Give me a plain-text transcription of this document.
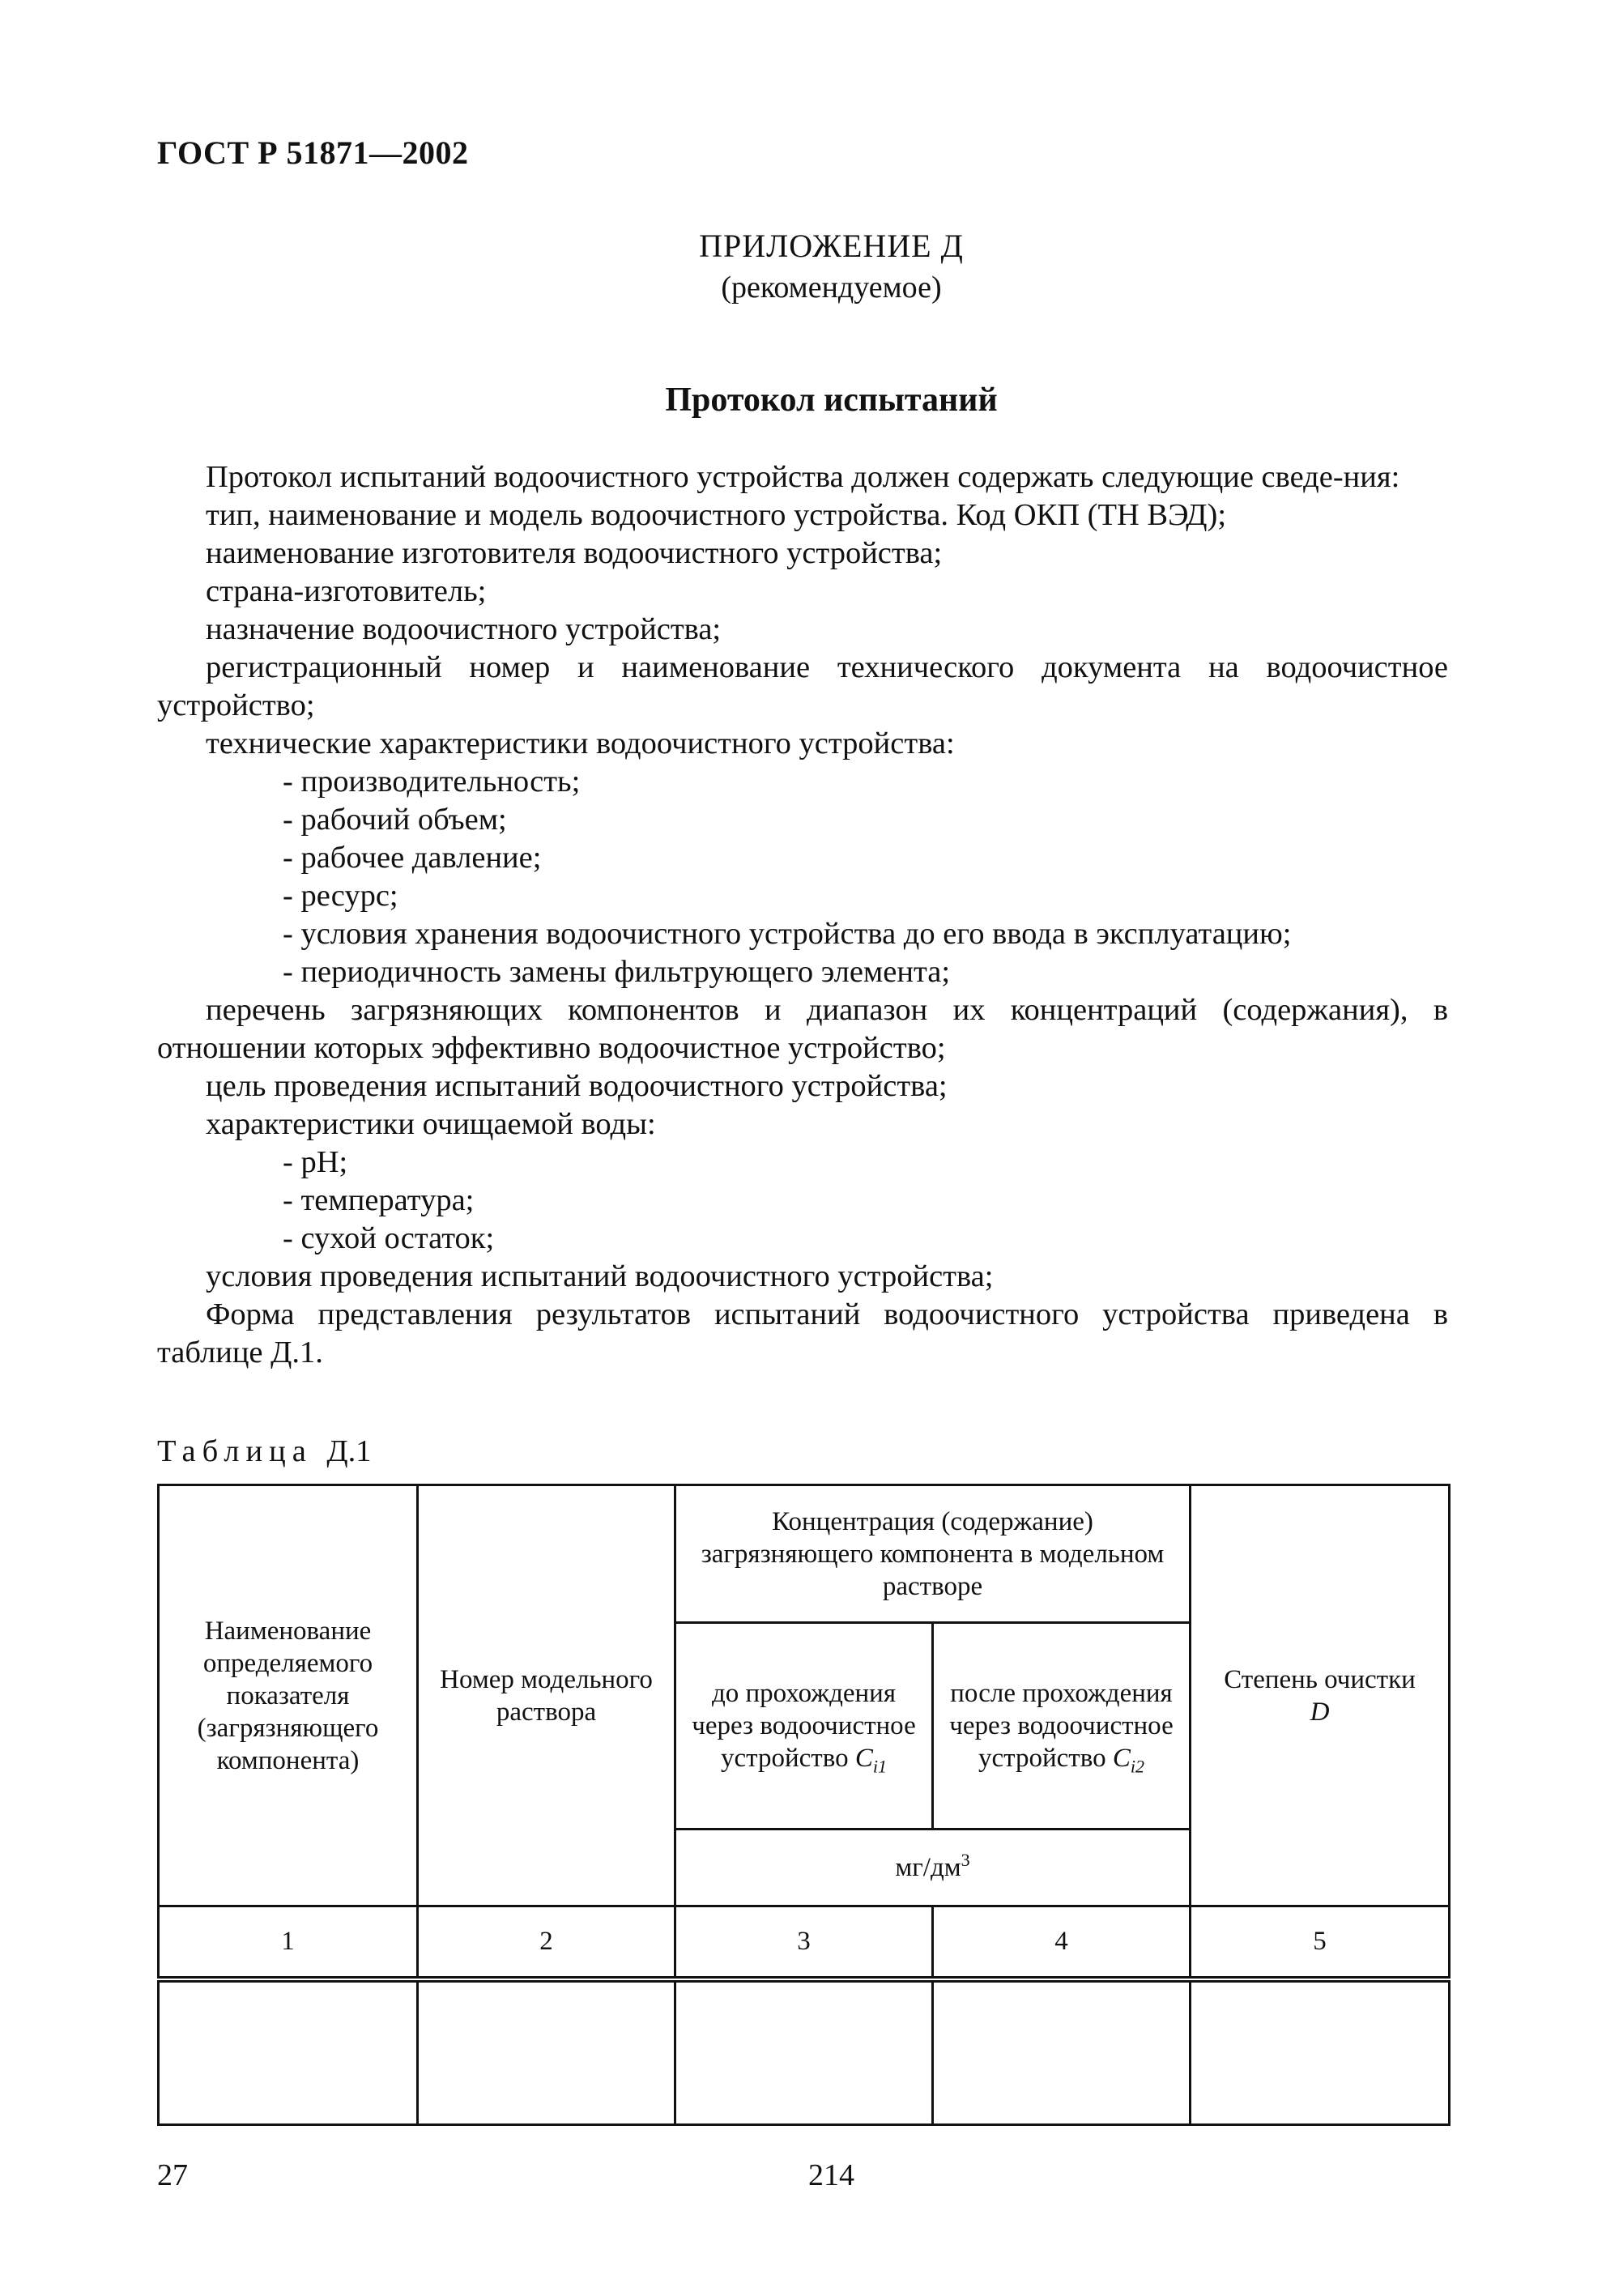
ГОСТ Р 51871—2002
ПРИЛОЖЕНИЕ Д
(рекомендуемое)
Протокол испытаний

Протокол испытаний водоочистного устройства должен содержать следующие сведе-ния:

тип, наименование и модель водоочистного устройства. Код ОКП (ТН ВЭД);

наименование изготовителя водоочистного устройства;

страна-изготовитель;

назначение водоочистного устройства;

регистрационный номер и наименование технического документа на водоочистное устройство;

технические характеристики водоочистного устройства:

- производительность;

- рабочий объем;

- рабочее давление;

- ресурс;

- условия хранения водоочистного устройства до его ввода в эксплуатацию;

- периодичность замены фильтрующего элемента;

перечень загрязняющих компонентов и диапазон их концентраций (содержания), в отношении которых эффективно водоочистное устройство;

цель проведения испытаний водоочистного устройства;

характеристики очищаемой воды:

- pH;

- температура;

- сухой остаток;

условия проведения испытаний водоочистного устройства;

Форма представления результатов испытаний водоочистного устройства приведена в таблице Д.1.

Таблица Д.1
Наименование определяемого показателя (загрязняющего компонента)	Номер модельного раствора	Концентрация (содержание) загрязняющего компонента в модельном растворе		Степень очистки
D
		до прохождения через водоочистное устройство $C_{i1}$	после прохождения через водоочистное устройство $C_{i2}$
		$мг/дм^3$
1	2	3	4	5

27	214
